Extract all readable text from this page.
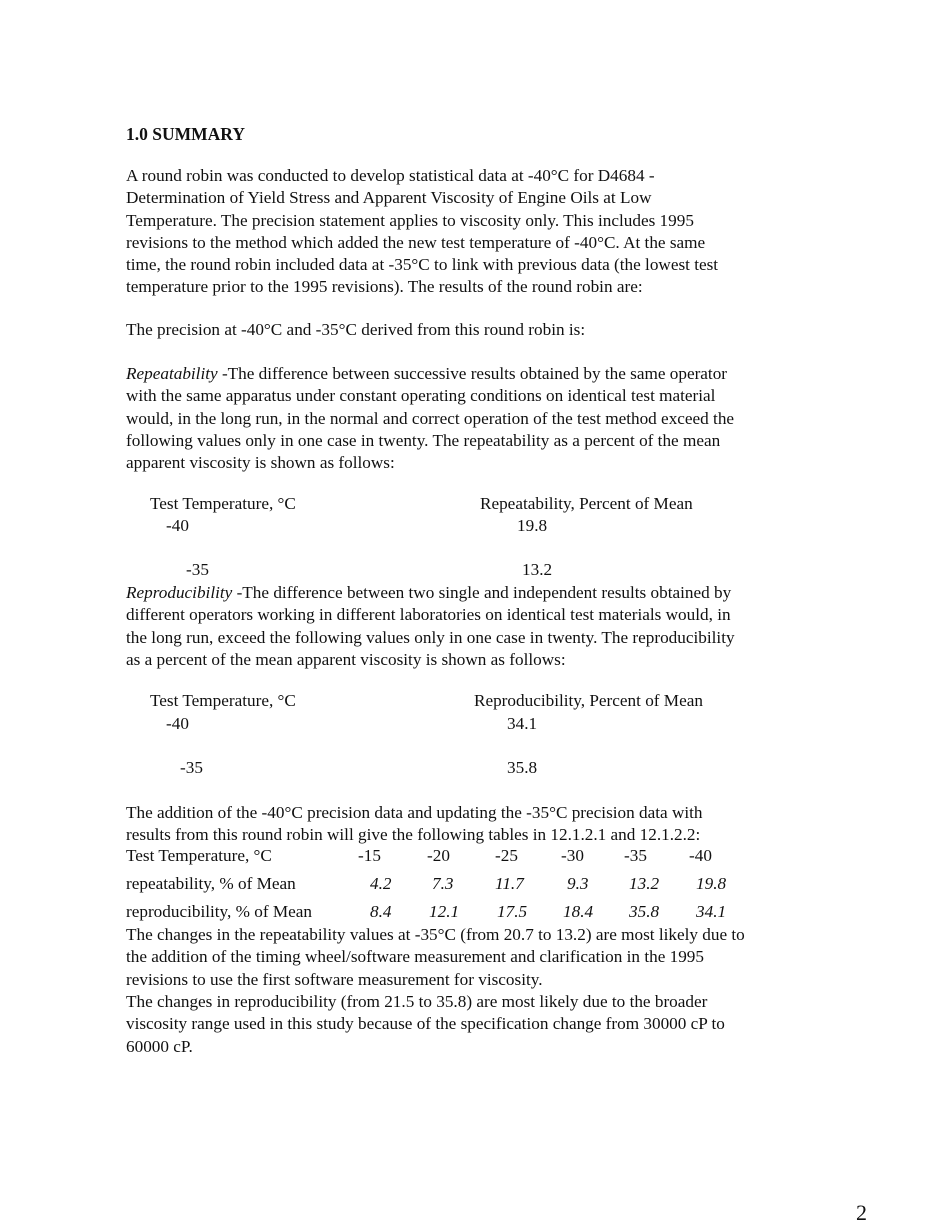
1.0 SUMMARY
A round robin was conducted to develop statistical data at -40°C for D4684 -
Determination of Yield Stress and Apparent Viscosity of Engine Oils at Low
Temperature. The precision statement applies to viscosity only. This includes 1995
revisions to the method which added the new test temperature of -40°C. At the same
time, the round robin included data at -35°C to link with previous data (the lowest test
temperature prior to the 1995 revisions). The results of the round robin are:
The precision at -40°C and -35°C derived from this round robin is:
Repeatability -The difference between successive results obtained by the same operator
with the same apparatus under constant operating conditions on identical test material
would, in the long run, in the normal and correct operation of the test method exceed the
following values only in one case in twenty. The repeatability as a percent of the mean
apparent viscosity is shown as follows:
Test Temperature, °C	Repeatability, Percent of Mean
-40	19.8
-35	13.2
Reproducibility -The difference between two single and independent results obtained by
different operators working in different laboratories on identical test materials would, in
the long run, exceed the following values only in one case in twenty. The reproducibility
as a percent of the mean apparent viscosity is shown as follows:
Test Temperature, °C	Reproducibility, Percent of Mean
-40	34.1
-35	35.8
The addition of the -40°C precision data and updating the -35°C precision data with
results from this round robin will give the following tables in 12.1.2.1 and 12.1.2.2:
Test Temperature, °C	-15	-20	-25	-30 -35 -40
repeatability, % of Mean	4.2 7.3 11.7	9.3 13.2 19.8
reproducibility, % of Mean	8.4 12.1 17.5 18.4 35.8 34.1
The changes in the repeatability values at -35°C (from 20.7 to 13.2) are most likely due to
the addition of the timing wheel/software measurement and clarification in the 1995
revisions to use the first software measurement for viscosity.
The changes in reproducibility (from 21.5 to 35.8) are most likely due to the broader
viscosity range used in this study because of the specification change from 30000 cP to
60000 cP.
2
